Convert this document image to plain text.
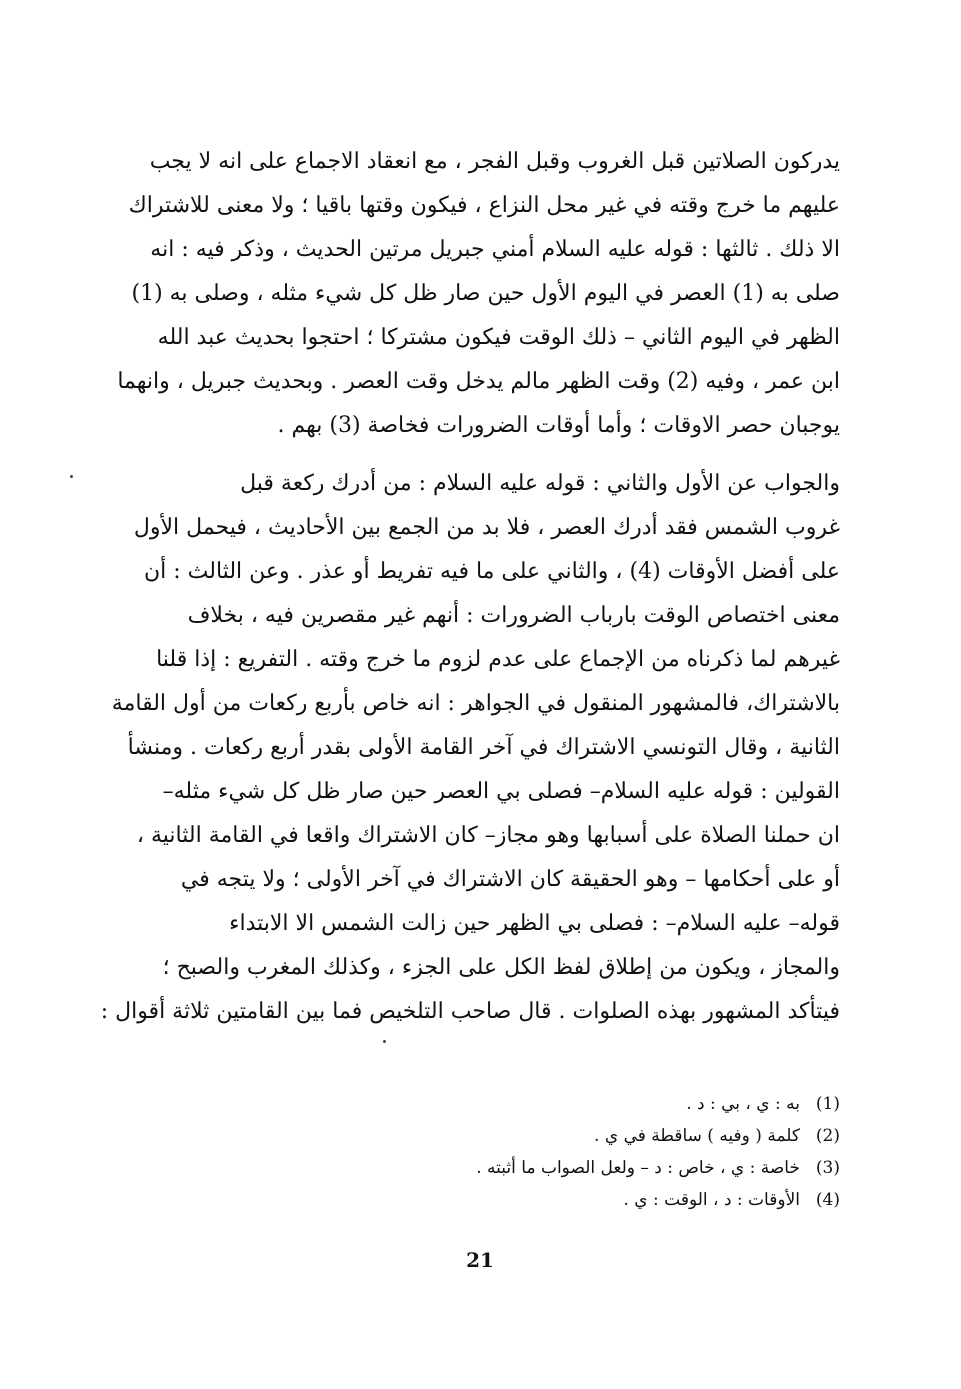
يدركون الصلاتين قبل الغروب وقبل الفجر ، مع انعقاد الاجماع على انه لا يجب
عليهم ما خرج وقته في غير محل النزاع ، فيكون وقتها باقيا ؛ ولا معنى للاشتراك
الا ذلك . ثالثها : قوله عليه السلام أمني جبريل مرتين الحديث ، وذكر فيه : انه
صلى به (1) العصر في اليوم الأول حين صار ظل كل شيء مثله ، وصلى به (1)
الظهر في اليوم الثاني – ذلك الوقت فيكون مشتركا ؛ احتجوا بحديث عبد الله
ابن عمر ، وفيه (2) وقت الظهر مالم يدخل وقت العصر . وبحديث جبريل ، وانهما
يوجبان حصر الاوقات ؛ وأما أوقات الضرورات فخاصة (3) بهم .
والجواب عن الأول والثاني : قوله عليه السلام : من أدرك ركعة قبل
غروب الشمس فقد أدرك العصر ، فلا بد من الجمع بين الأحاديث ، فيحمل الأول
على أفضل الأوقات (4) ، والثاني على ما فيه تفريط أو عذر . وعن الثالث : أن
معنى اختصاص الوقت بارباب الضرورات : أنهم غير مقصرين فيه ، بخلاف
غيرهم لما ذكرناه من الإجماع على عدم لزوم ما خرج وقته . التفريع : إذا قلنا
بالاشتراك، فالمشهور المنقول في الجواهر : انه خاص بأربع ركعات من أول القامة
الثانية ، وقال التونسي الاشتراك في آخر القامة الأولى بقدر أربع ركعات . ومنشأ
القولين : قوله عليه السلام– فصلى بي العصر حين صار ظل كل شيء مثله–
ان حملنا الصلاة على أسبابها وهو مجاز– كان الاشتراك واقعا في القامة الثانية ،
أو على أحكامها – وهو الحقيقة كان الاشتراك في آخر الأولى ؛ ولا يتجه في
قوله– عليه السلام– : فصلى بي الظهر حين زالت الشمس الا الابتداء
والمجاز ، ويكون من إطلاق لفظ الكل على الجزء ، وكذلك المغرب والصبح ؛
فيتأكد المشهور بهذه الصلوات . قال صاحب التلخيص فما بين القامتين ثلاثة أقوال :
(1)
به : ي ، بي : د .
(2)
كلمة ( وفيه ) ساقطة في ي .
(3)
خاصة : ي ، خاص : د – ولعل الصواب ما أثبته .
(4)
الأوقات : د ، الوقت : ي .
21
